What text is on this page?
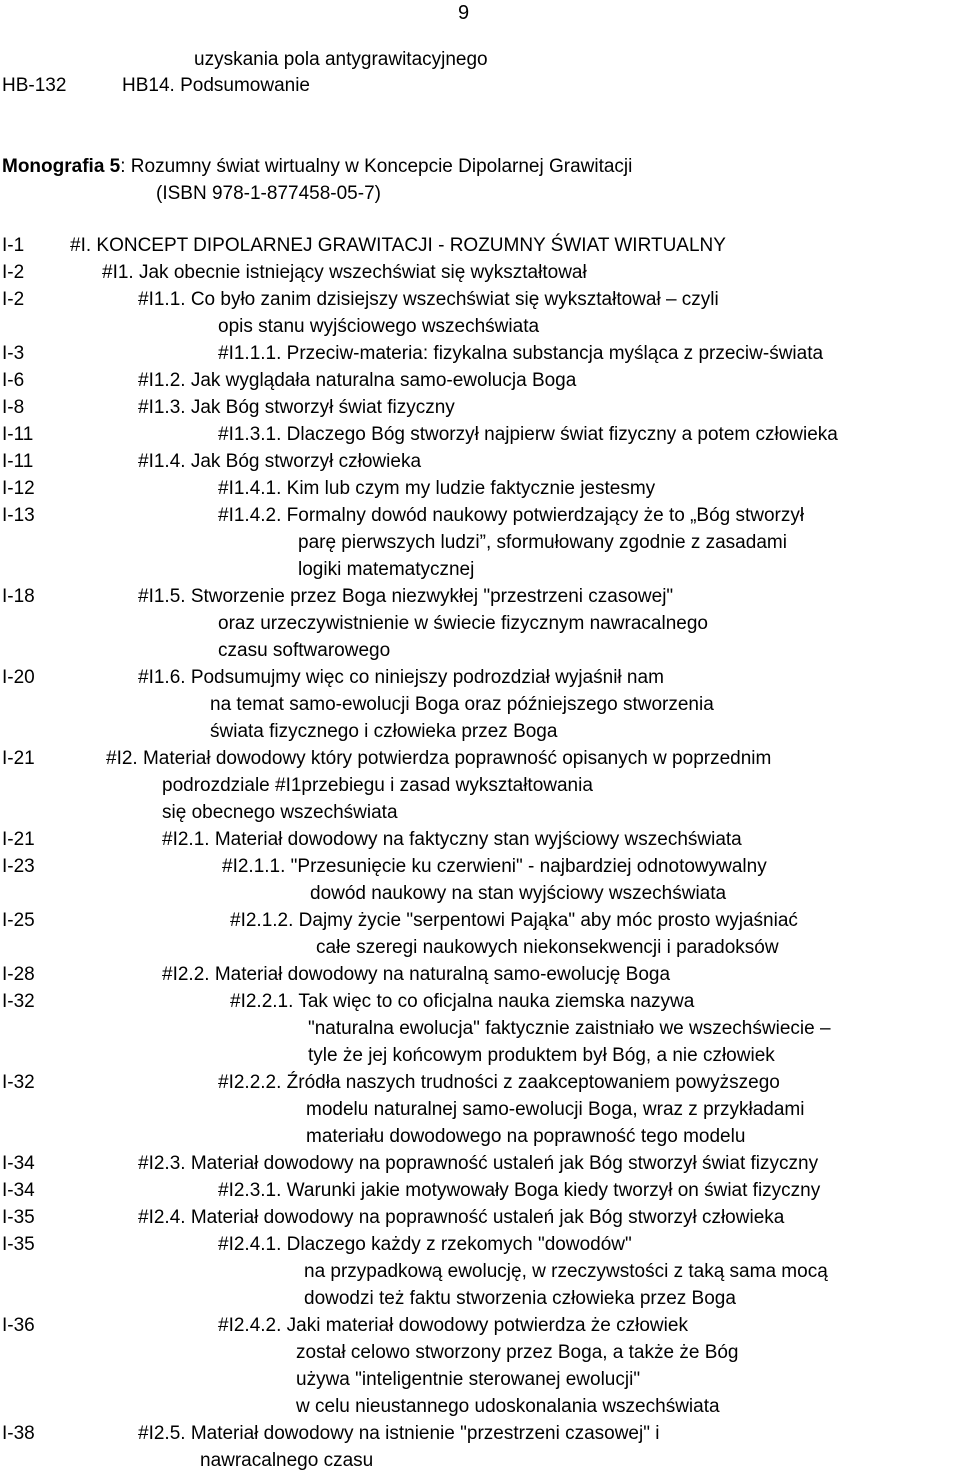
9
uzyskania pola antygrawitacyjnego
HB-132	HB14. Podsumowanie
Monografia 5: Rozumny świat wirtualny w Koncepcie Dipolarnej Grawitacji
(ISBN 978-1-877458-05-7)
I-1 #I. KONCEPT DIPOLARNEJ GRAWITACJI - ROZUMNY ŚWIAT WIRTUALNY
I-2	#I1. Jak obecnie istniejący wszechświat się wykształtował
I-2	#I1.1. Co było zanim dzisiejszy wszechświat się wykształtował – czyli
opis stanu wyjściowego wszechświata
I-3	#I1.1.1. Przeciw-materia: fizykalna substancja myśląca z przeciw-świata
I-6	#I1.2. Jak wyglądała naturalna samo-ewolucja Boga
I-8	#I1.3. Jak Bóg stworzył świat fizyczny
I-11	#I1.3.1. Dlaczego Bóg stworzył najpierw świat fizyczny a potem człowieka
I-11	#I1.4. Jak Bóg stworzył człowieka
I-12	#I1.4.1. Kim lub czym my ludzie faktycznie jestesmy
I-13	#I1.4.2. Formalny dowód naukowy potwierdzający że to „Bóg stworzył
parę pierwszych ludzi”, sformułowany zgodnie z zasadami
logiki matematycznej
I-18	#I1.5. Stworzenie przez Boga niezwykłej "przestrzeni czasowej"
oraz urzeczywistnienie w świecie fizycznym nawracalnego
czasu softwarowego
I-20	#I1.6. Podsumujmy więc co niniejszy podrozdział wyjaśnił nam
na temat samo-ewolucji Boga oraz późniejszego stworzenia
świata fizycznego i człowieka przez Boga
I-21	#I2. Materiał dowodowy który potwierdza poprawność opisanych w poprzednim
podrozdziale #I1przebiegu i zasad wykształtowania
się obecnego wszechświata
I-21	#I2.1. Materiał dowodowy na faktyczny stan wyjściowy wszechświata
I-23	#I2.1.1. "Przesunięcie ku czerwieni" - najbardziej odnotowywalny
dowód naukowy na stan wyjściowy wszechświata
I-25	#I2.1.2. Dajmy życie "serpentowi Pająka" aby móc prosto wyjaśniać
całe szeregi naukowych niekonsekwencji i paradoksów
I-28	#I2.2. Materiał dowodowy na naturalną samo-ewolucję Boga
I-32	#I2.2.1. Tak więc to co oficjalna nauka ziemska nazywa
"naturalna ewolucja" faktycznie zaistniało we wszechświecie –
tyle że jej końcowym produktem był Bóg, a nie człowiek
I-32	#I2.2.2. Źródła naszych trudności z zaakceptowaniem powyższego
modelu naturalnej samo-ewolucji Boga, wraz z przykładami
materiału dowodowego na poprawność tego modelu
I-34	#I2.3. Materiał dowodowy na poprawność ustaleń jak Bóg stworzył świat fizyczny
I-34	#I2.3.1. Warunki jakie motywowały Boga kiedy tworzył on świat fizyczny
I-35	#I2.4. Materiał dowodowy na poprawność ustaleń jak Bóg stworzył człowieka
I-35	#I2.4.1. Dlaczego każdy z rzekomych "dowodów"
na przypadkową ewolucję, w rzeczywstości z taką sama mocą
dowodzi też faktu stworzenia człowieka przez Boga
I-36	#I2.4.2. Jaki materiał dowodowy potwierdza że człowiek
został celowo stworzony przez Boga, a także że Bóg
używa "inteligentnie sterowanej ewolucji"
w celu nieustannego udoskonalania wszechświata
I-38	#I2.5. Materiał dowodowy na istnienie "przestrzeni czasowej" i
nawracalnego czasu
